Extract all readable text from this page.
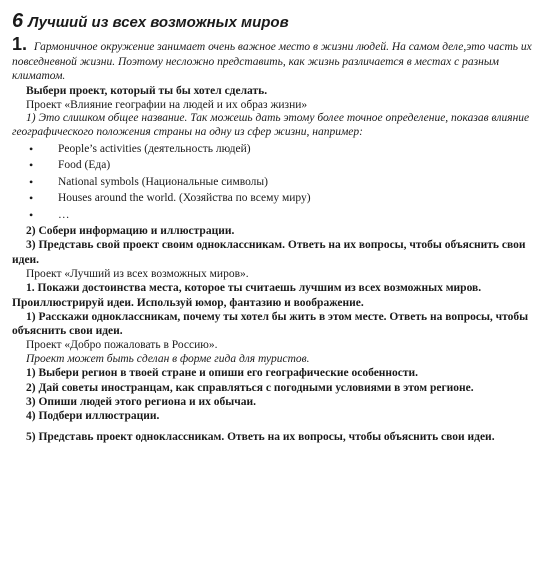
6 Лучший из всех возможных миров

1. Гармоничное окружение занимает очень важное место в жизни людей. На самом деле,это часть их повседневной жизни. Поэтому несложно представить, как жизнь различается в местах с разным климатом.

Выбери проект, который ты бы хотел сделать.

Проект «Влияние географии на людей и их образ жизни»

1) Это слишком общее название. Так можешь дать этому более точное определение, показав влияние географического положения страны на одну из сфер жизни, например:

• People’s activities (деятельность людей)
• Food (Еда)
• National symbols (Национальные символы)
• Houses around the world. (Хозяйства по всему миру)
• …

2) Собери информацию и иллюстрации.

3) Представь свой проект своим одноклассникам. Ответь на их вопросы, чтобы объяснить свои идеи.

Проект «Лучший из всех возможных миров».

1. Покажи достоинства места, которое ты считаешь лучшим из всех возможных миров. Проиллюстрируй идеи. Используй юмор, фантазию и воображение.

1) Расскажи одноклассникам, почему ты хотел бы жить в этом месте. Ответь на вопросы, чтобы объяснить свои идеи.

Проект «Добро пожаловать в Россию».

Проект может быть сделан в форме гида для туристов.

1) Выбери регион в твоей стране и опиши его географические особенности.

2) Дай советы иностранцам, как справляться с погодными условиями в этом регионе.

3) Опиши людей этого региона и их обычаи.

4) Подбери иллюстрации.

5) Представь проект одноклассникам. Ответь на их вопросы, чтобы объяснить свои идеи.
